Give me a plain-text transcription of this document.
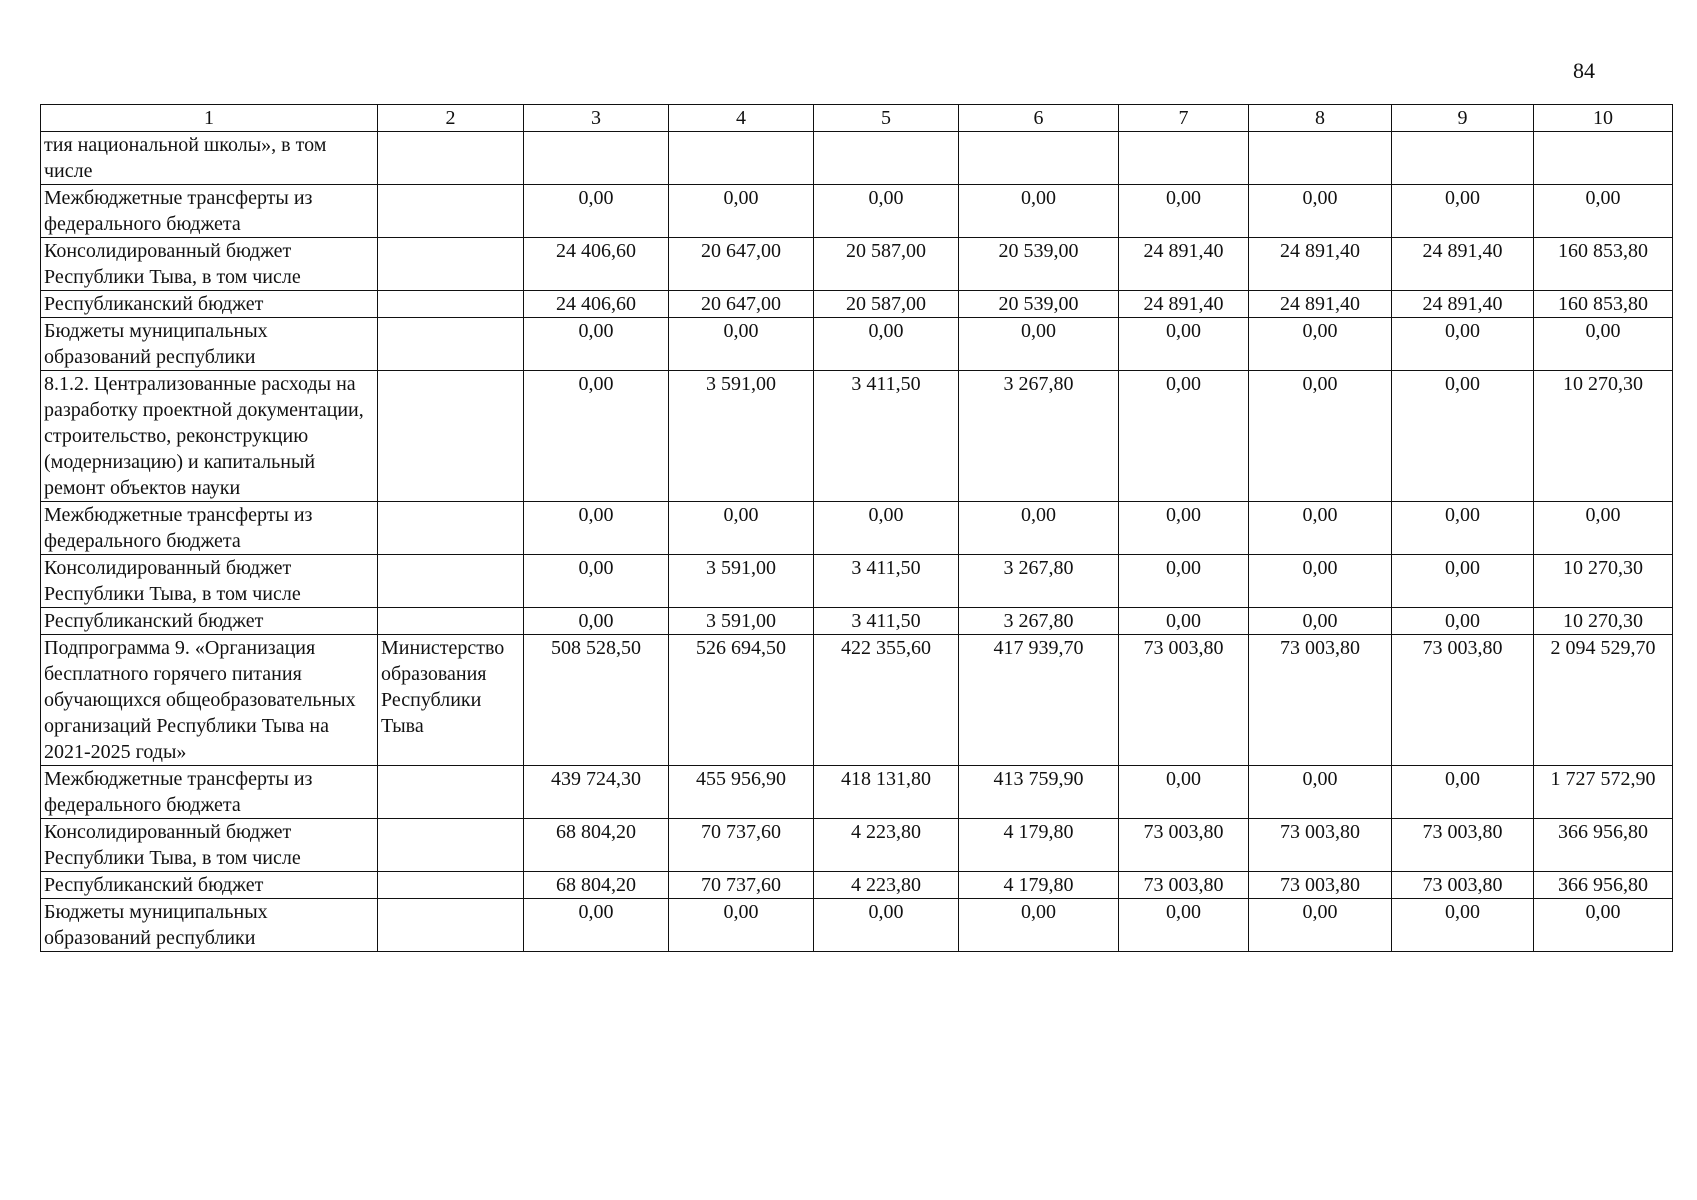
84
1	2	3	4	5	6	7	8	9	10
тия национальной школы», в том числе									
Межбюджетные трансферты из федерального бюджета		0,00	0,00	0,00	0,00	0,00	0,00	0,00	0,00
Консолидированный бюджет Республики Тыва, в том числе		24 406,60	20 647,00	20 587,00	20 539,00	24 891,40	24 891,40	24 891,40	160 853,80
Республиканский бюджет		24 406,60	20 647,00	20 587,00	20 539,00	24 891,40	24 891,40	24 891,40	160 853,80
Бюджеты муниципальных образований республики		0,00	0,00	0,00	0,00	0,00	0,00	0,00	0,00
8.1.2. Централизованные расходы на разработку проектной документации, строительство, реконструкцию (модернизацию) и капитальный ремонт объектов науки		0,00	3 591,00	3 411,50	3 267,80	0,00	0,00	0,00	10 270,30
Межбюджетные трансферты из федерального бюджета		0,00	0,00	0,00	0,00	0,00	0,00	0,00	0,00
Консолидированный бюджет Республики Тыва, в том числе		0,00	3 591,00	3 411,50	3 267,80	0,00	0,00	0,00	10 270,30
Республиканский бюджет		0,00	3 591,00	3 411,50	3 267,80	0,00	0,00	0,00	10 270,30
Подпрограмма 9. «Организация бесплатного горячего питания обучающихся общеобразовательных организаций Республики Тыва на 2021-2025 годы»	Министерство образования Республики Тыва	508 528,50	526 694,50	422 355,60	417 939,70	73 003,80	73 003,80	73 003,80	2 094 529,70
Межбюджетные трансферты из федерального бюджета		439 724,30	455 956,90	418 131,80	413 759,90	0,00	0,00	0,00	1 727 572,90
Консолидированный бюджет Республики Тыва, в том числе		68 804,20	70 737,60	4 223,80	4 179,80	73 003,80	73 003,80	73 003,80	366 956,80
Республиканский бюджет		68 804,20	70 737,60	4 223,80	4 179,80	73 003,80	73 003,80	73 003,80	366 956,80
Бюджеты муниципальных образований республики		0,00	0,00	0,00	0,00	0,00	0,00	0,00	0,00
